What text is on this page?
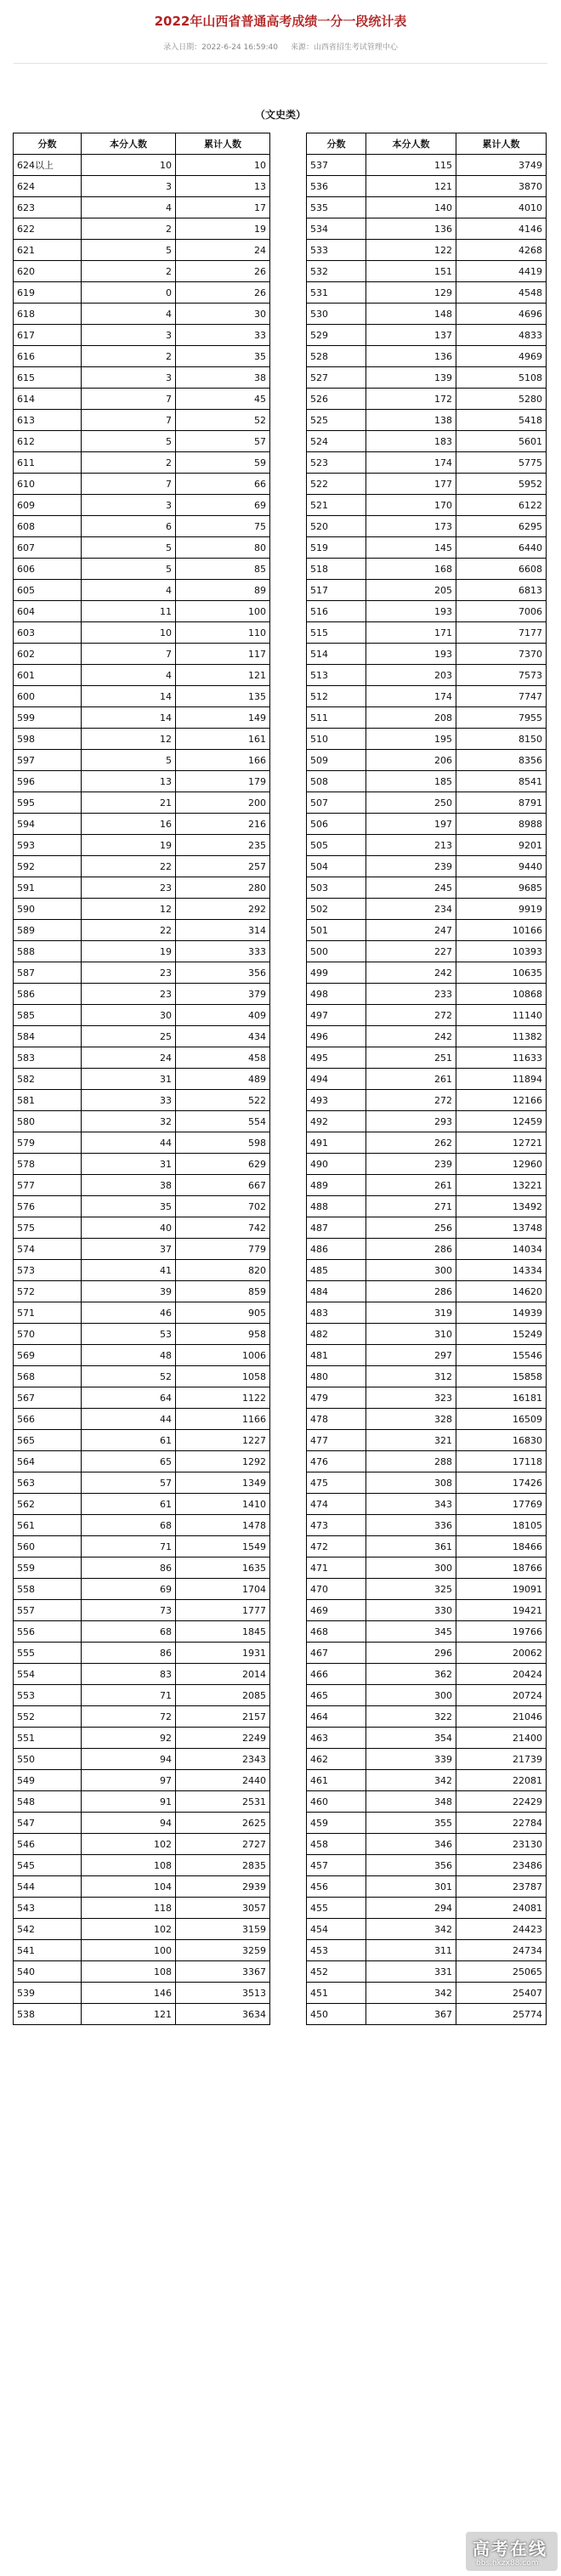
2022年山西省普通高考成绩一分一段统计表
录入日期：2022-6-24 16:59:40 来源：山西省招生考试管理中心
（文史类）
分数	本分人数	累计人数
624以上	10	10
624	3	13
623	4	17
622	2	19
621	5	24
620	2	26
619	0	26
618	4	30
617	3	33
616	2	35
615	3	38
614	7	45
613	7	52
612	5	57
611	2	59
610	7	66
609	3	69
608	6	75
607	5	80
606	5	85
605	4	89
604	11	100
603	10	110
602	7	117
601	4	121
600	14	135
599	14	149
598	12	161
597	5	166
596	13	179
595	21	200
594	16	216
593	19	235
592	22	257
591	23	280
590	12	292
589	22	314
588	19	333
587	23	356
586	23	379
585	30	409
584	25	434
583	24	458
582	31	489
581	33	522
580	32	554
579	44	598
578	31	629
577	38	667
576	35	702
575	40	742
574	37	779
573	41	820
572	39	859
571	46	905
570	53	958
569	48	1006
568	52	1058
567	64	1122
566	44	1166
565	61	1227
564	65	1292
563	57	1349
562	61	1410
561	68	1478
560	71	1549
559	86	1635
558	69	1704
557	73	1777
556	68	1845
555	86	1931
554	83	2014
553	71	2085
552	72	2157
551	92	2249
550	94	2343
549	97	2440
548	91	2531
547	94	2625
546	102	2727
545	108	2835
544	104	2939
543	118	3057
542	102	3159
541	100	3259
540	108	3367
539	146	3513
538	121	3634
分数	本分人数	累计人数
537	115	3749
536	121	3870
535	140	4010
534	136	4146
533	122	4268
532	151	4419
531	129	4548
530	148	4696
529	137	4833
528	136	4969
527	139	5108
526	172	5280
525	138	5418
524	183	5601
523	174	5775
522	177	5952
521	170	6122
520	173	6295
519	145	6440
518	168	6608
517	205	6813
516	193	7006
515	171	7177
514	193	7370
513	203	7573
512	174	7747
511	208	7955
510	195	8150
509	206	8356
508	185	8541
507	250	8791
506	197	8988
505	213	9201
504	239	9440
503	245	9685
502	234	9919
501	247	10166
500	227	10393
499	242	10635
498	233	10868
497	272	11140
496	242	11382
495	251	11633
494	261	11894
493	272	12166
492	293	12459
491	262	12721
490	239	12960
489	261	13221
488	271	13492
487	256	13748
486	286	14034
485	300	14334
484	286	14620
483	319	14939
482	310	15249
481	297	15546
480	312	15858
479	323	16181
478	328	16509
477	321	16830
476	288	17118
475	308	17426
474	343	17769
473	336	18105
472	361	18466
471	300	18766
470	325	19091
469	330	19421
468	345	19766
467	296	20062
466	362	20424
465	300	20724
464	322	21046
463	354	21400
462	339	21739
461	342	22081
460	348	22429
459	355	22784
458	346	23130
457	356	23486
456	301	23787
455	294	24081
454	342	24423
453	311	24734
452	331	25065
451	342	25407
450	367	25774
高考在线
bbs.hkzx88.com
